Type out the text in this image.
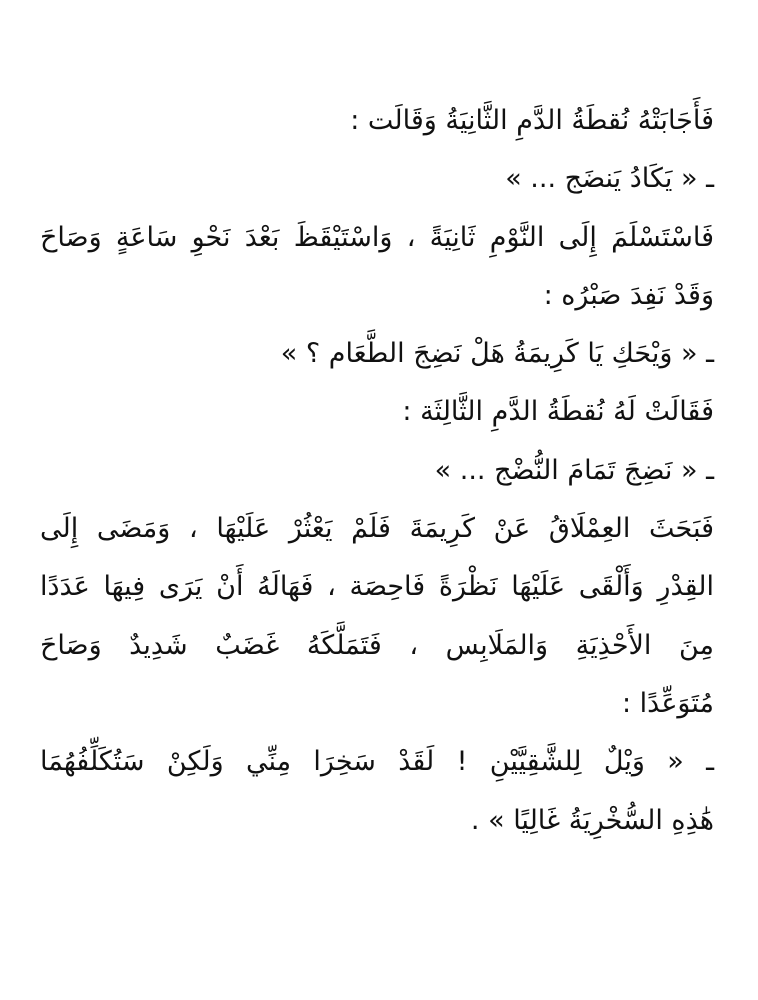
فَأَجَابَتْهُ نُقطَةُ الدَّمِ الثَّانِيَةُ وَقَالَت :
ـ « يَكَادُ يَنضَج ... »
فَاسْتَسْلَمَ إِلَى النَّوْمِ ثَانِيَةً ، وَاسْتَيْقَظَ بَعْدَ نَحْوِ سَاعَةٍ وَصَاحَ
وَقَدْ نَفِدَ صَبْرُه :
ـ « وَيْحَكِ يَا كَرِيمَةُ هَلْ نَضِجَ الطَّعَام ؟ »
فَقَالَتْ لَهُ نُقطَةُ الدَّمِ الثَّالِثَة :
ـ « نَضِجَ تَمَامَ النُّضْج ... »
فَبَحَثَ العِمْلَاقُ عَنْ كَرِيمَةَ فَلَمْ يَعْثُرْ عَلَيْهَا ، وَمَضَى إِلَى
القِدْرِ وَأَلْقَى عَلَيْهَا نَظْرَةً فَاحِصَة ، فَهَالَهُ أَنْ يَرَى فِيهَا عَدَدًا
مِنَ الأَحْذِيَةِ وَالمَلَابِس ، فَتَمَلَّكَهُ غَضَبٌ شَدِيدٌ وَصَاحَ
مُتَوَعِّدًا :
ـ « وَيْلٌ لِلشَّقِيَّيْنِ ! لَقَدْ سَخِرَا مِنِّي وَلَكِنْ سَتُكَلِّفُهُمَا
هَٰذِهِ السُّخْرِيَةُ غَالِيًا » .
